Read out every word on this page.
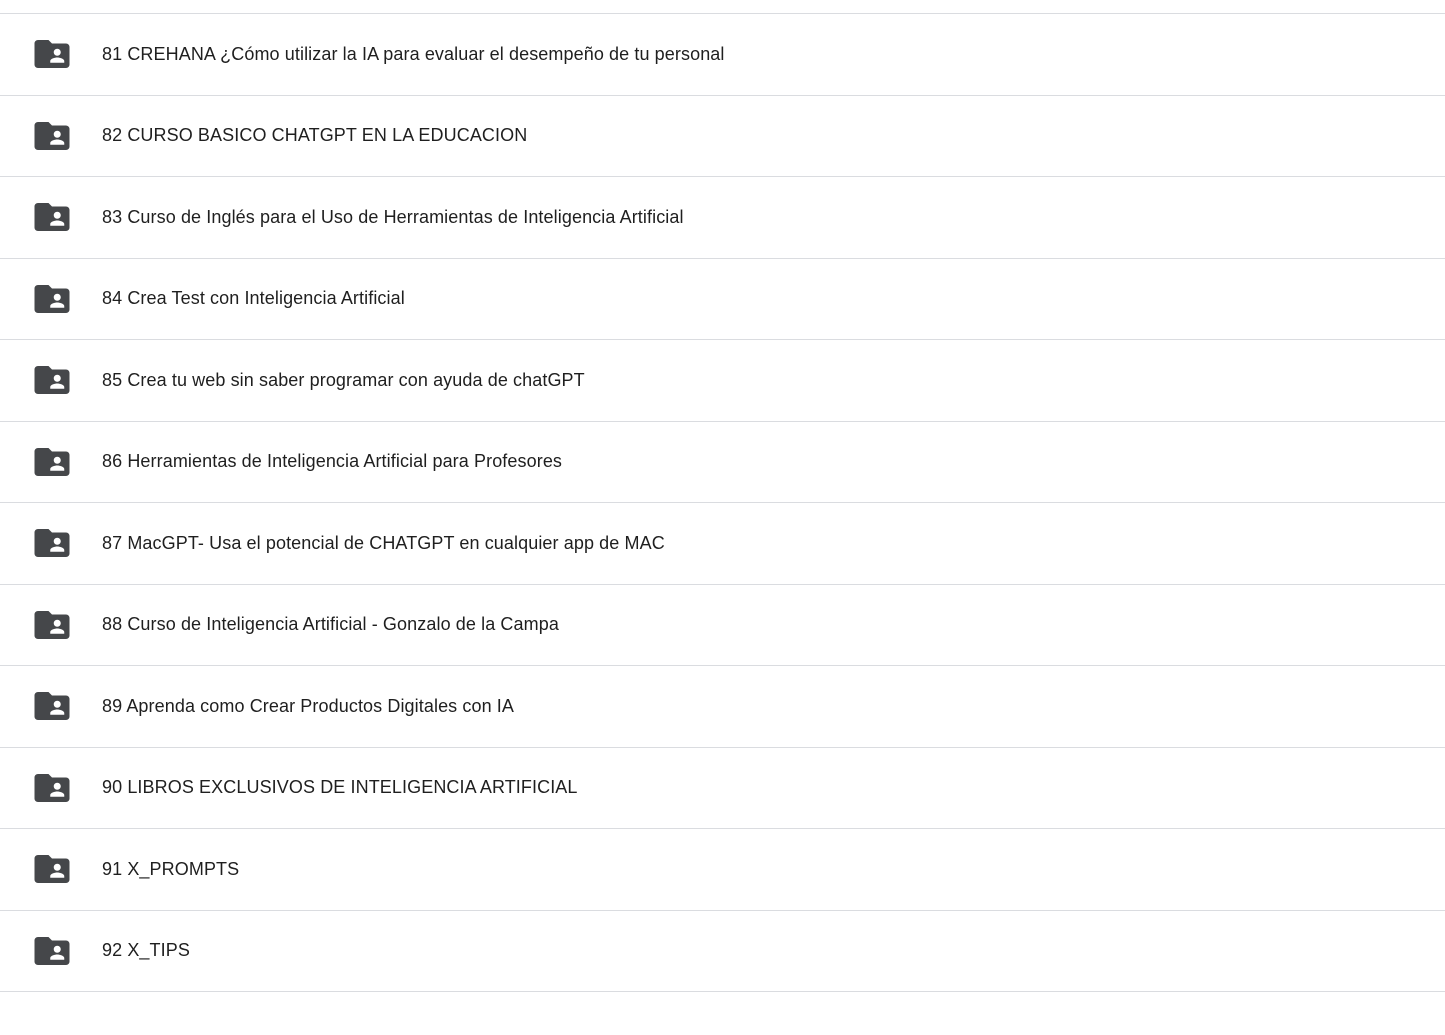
81 CREHANA ¿Cómo utilizar la IA para evaluar el desempeño de tu personal
82 CURSO BASICO CHATGPT EN LA EDUCACION
83 Curso de Inglés para el Uso de Herramientas de Inteligencia Artificial
84 Crea Test con Inteligencia Artificial
85 Crea tu web sin saber programar con ayuda de chatGPT
86 Herramientas de Inteligencia Artificial para Profesores
87 MacGPT- Usa el potencial de CHATGPT en cualquier app de MAC
88 Curso de Inteligencia Artificial - Gonzalo de la Campa
89 Aprenda como Crear Productos Digitales con IA
90 LIBROS EXCLUSIVOS DE INTELIGENCIA ARTIFICIAL
91 X_PROMPTS
92 X_TIPS
